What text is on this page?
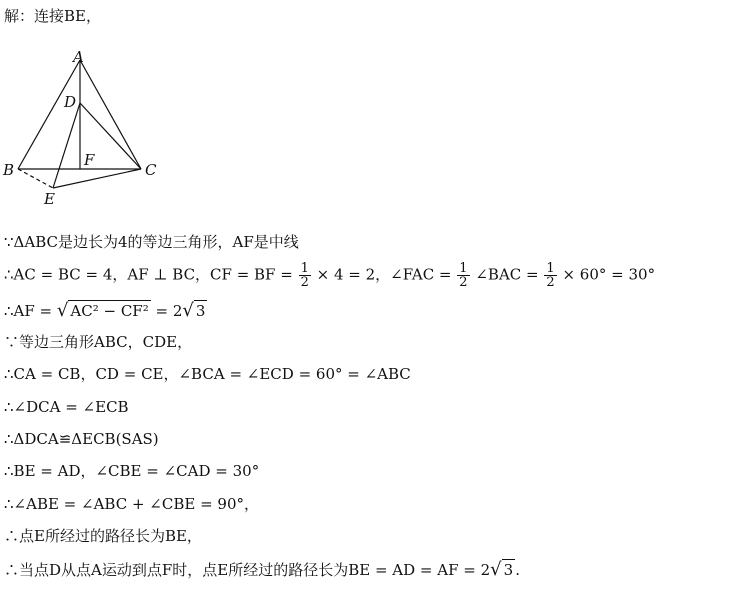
解：连接BE，
A
B	C
D
E
F
∵ΔABC是边长为4的等边三角形，AF是中线
∴AC = BC = 4，AF ⊥ BC，CF = BF = $\frac{1}{2} \times 4 = 2$，∠FAC = $\frac{1}{2}$ ∠BAC = $\frac{1}{2} \times 60^\circ = 30^\circ$
∴AF = √ AC² − CF² = 2√ 3
∵等边三角形ABC，CDE，
∴CA = CB，CD = CE，∠BCA = ∠ECD = 60° = ∠ABC
∴∠DCA = ∠ECB
∴ΔDCA≌ΔECB(SAS)
∴BE = AD，∠CBE = ∠CAD = 30°
∴∠ABE = ∠ABC + ∠CBE = 90°，
∴点E所经过的路径长为BE，
∴当点D从点A运动到点F时，点E所经过的路径长为BE = AD = AF = 2√ 3 .
